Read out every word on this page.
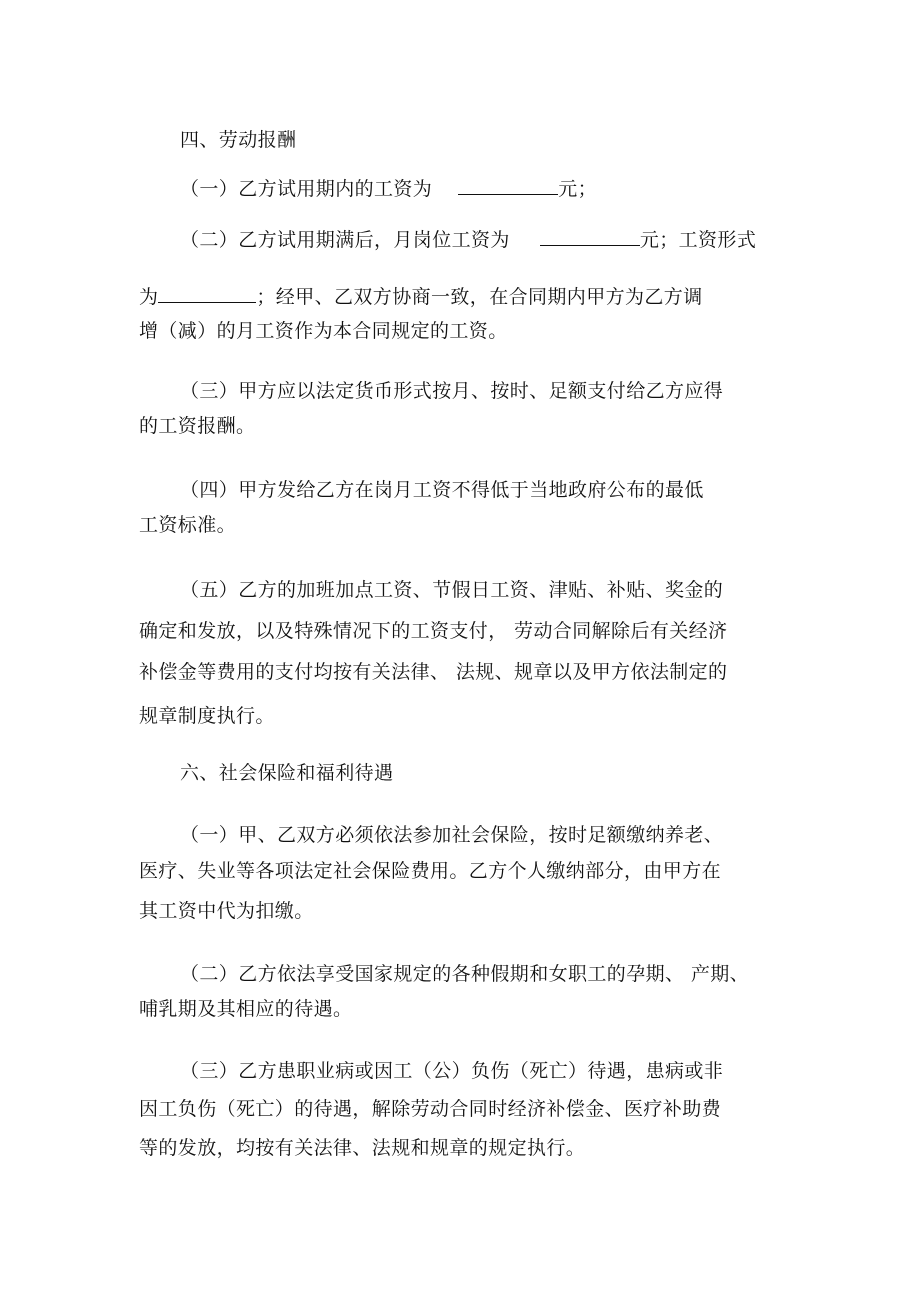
四、劳动报酬
（一）乙方试用期内的工资为	元；
（二）乙方试用期满后，月岗位工资为	元；工资形式
为	；经甲、乙双方协商一致，在合同期内甲方为乙方调
增（减）的月工资作为本合同规定的工资。
（三）甲方应以法定货币形式按月、按时、足额支付给乙方应得
的工资报酬。
（四）甲方发给乙方在岗月工资不得低于当地政府公布的最低
工资标准。
（五）乙方的加班加点工资、节假日工资、津贴、补贴、奖金的
确定和发放，以及特殊情况下的工资支付， 劳动合同解除后有关经济
补偿金等费用的支付均按有关法律、 法规、规章以及甲方依法制定的
规章制度执行。
六、社会保险和福利待遇
（一）甲、乙双方必须依法参加社会保险，按时足额缴纳养老、
医疗、失业等各项法定社会保险费用。乙方个人缴纳部分，由甲方在
其工资中代为扣缴。
（二）乙方依法享受国家规定的各种假期和女职工的孕期、 产期、
哺乳期及其相应的待遇。
（三）乙方患职业病或因工（公）负伤（死亡）待遇，患病或非
因工负伤（死亡）的待遇，解除劳动合同时经济补偿金、医疗补助费
等的发放，均按有关法律、法规和规章的规定执行。
